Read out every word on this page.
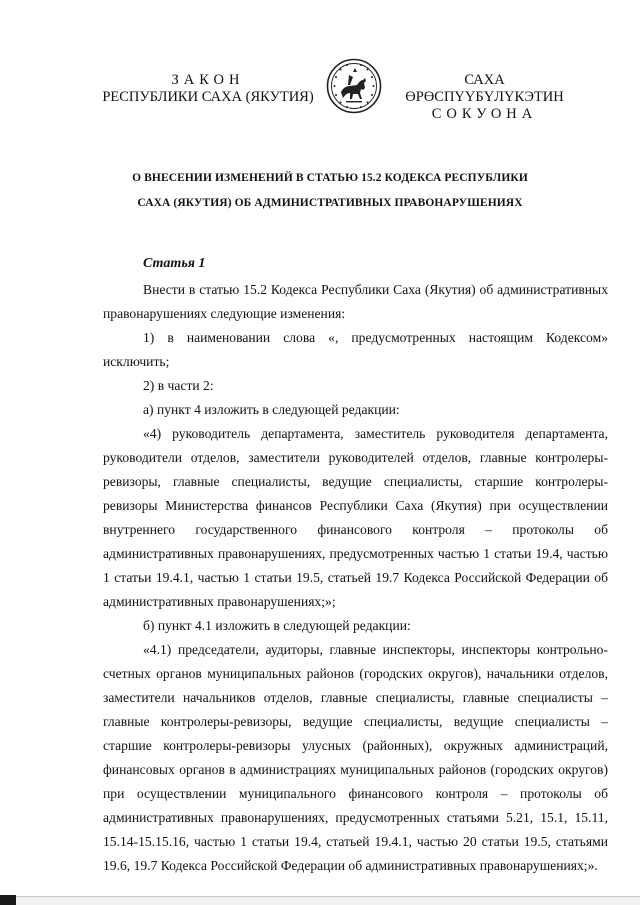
ЗАКОН
РЕСПУБЛИКИ САХА (ЯКУТИЯ)
САХА ӨРӨСПҮҮБҮЛҮКЭТИН
СОКУОНА
О ВНЕСЕНИИ ИЗМЕНЕНИЙ В СТАТЬЮ 15.2 КОДЕКСА РЕСПУБЛИКИ
САХА (ЯКУТИЯ) ОБ АДМИНИСТРАТИВНЫХ ПРАВОНАРУШЕНИЯХ
Статья 1

Внести в статью 15.2 Кодекса Республики Саха (Якутия) об административных правонарушениях следующие изменения:

1) в наименовании слова «, предусмотренных настоящим Кодексом» исключить;

2) в части 2:

а) пункт 4 изложить в следующей редакции:

«4) руководитель департамента, заместитель руководителя департамента, руководители отделов, заместители руководителей отделов, главные контролеры-ревизоры, главные специалисты, ведущие специалисты, старшие контролеры-ревизоры Министерства финансов Республики Саха (Якутия) при осуществлении внутреннего государственного финансового контроля – протоколы об административных правонарушениях, предусмотренных частью 1 статьи 19.4, частью 1 статьи 19.4.1, частью 1 статьи 19.5, статьей 19.7 Кодекса Российской Федерации об административных правонарушениях;»;

б) пункт 4.1 изложить в следующей редакции:

«4.1) председатели, аудиторы, главные инспекторы, инспекторы контрольно-счетных органов муниципальных районов (городских округов), начальники отделов, заместители начальников отделов, главные специалисты, главные специалисты – главные контролеры-ревизоры, ведущие специалисты, ведущие специалисты – старшие контролеры-ревизоры улусных (районных), окружных администраций, финансовых органов в администрациях муниципальных районов (городских округов) при осуществлении муниципального финансового контроля – протоколы об административных правонарушениях, предусмотренных статьями 5.21, 15.1, 15.11, 15.14-15.15.16, частью 1 статьи 19.4, статьей 19.4.1, частью 20 статьи 19.5, статьями 19.6, 19.7 Кодекса Российской Федерации об административных правонарушениях;».
